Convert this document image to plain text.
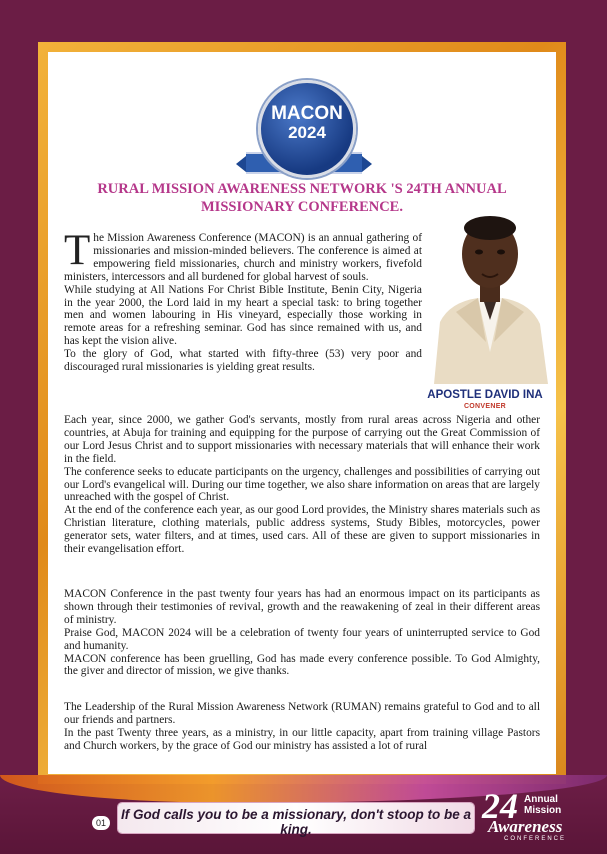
MACON
2024
RURAL MISSION AWARENESS NETWORK 'S 24TH ANNUAL MISSIONARY CONFERENCE.
APOSTLE DAVID INA
CONVENER

The Mission Awareness Conference (MACON) is an annual gathering of missionaries and mission-minded believers. The conference is aimed at empowering field missionaries, church and ministry workers, fivefold ministers, intercessors and all burdened for global harvest of souls.

While studying at All Nations For Christ Bible Institute, Benin City, Nigeria in the year 2000, the Lord laid in my heart a special task: to bring together men and women labouring in His vineyard, especially those working in remote areas for a refreshing seminar. God has since remained with us, and has kept the vision alive.

To the glory of God, what started with fifty-three (53) very poor and discouraged rural missionaries is yielding great results.

Each year, since 2000, we gather God's servants, mostly from rural areas across Nigeria and other countries, at Abuja for training and equipping for the purpose of carrying out the Great Commission of our Lord Jesus Christ and to support missionaries with necessary materials that will enhance their work in the field.

The conference seeks to educate participants on the urgency, challenges and possibilities of carrying out our Lord's evangelical will. During our time together, we also share information on areas that are largely unreached with the gospel of Christ.

At the end of the conference each year, as our good Lord provides, the Ministry shares materials such as Christian literature, clothing materials, public address systems, Study Bibles, motorcycles, power generator sets, water filters, and at times, used cars. All of these are given to support missionaries in their evangelisation effort.

MACON Conference in the past twenty four years has had an enormous impact on its participants as shown through their testimonies of revival, growth and the reawakening of zeal in their different areas of ministry.

Praise God, MACON 2024 will be a celebration of twenty four years of uninterrupted service to God and humanity.

MACON conference has been gruelling, God has made every conference possible. To God Almighty, the giver and director of mission, we give thanks.

The Leadership of the Rural Mission Awareness Network (RUMAN) remains grateful to God and to all our friends and partners.

In the past Twenty three years, as a ministry, in our little capacity, apart from training village Pastors and Church workers, by the grace of God our ministry has assisted a lot of rural

If God calls you to be a missionary, don't stoop to be a king.
01	24 Annual
Mission
Awareness
CONFERENCE
